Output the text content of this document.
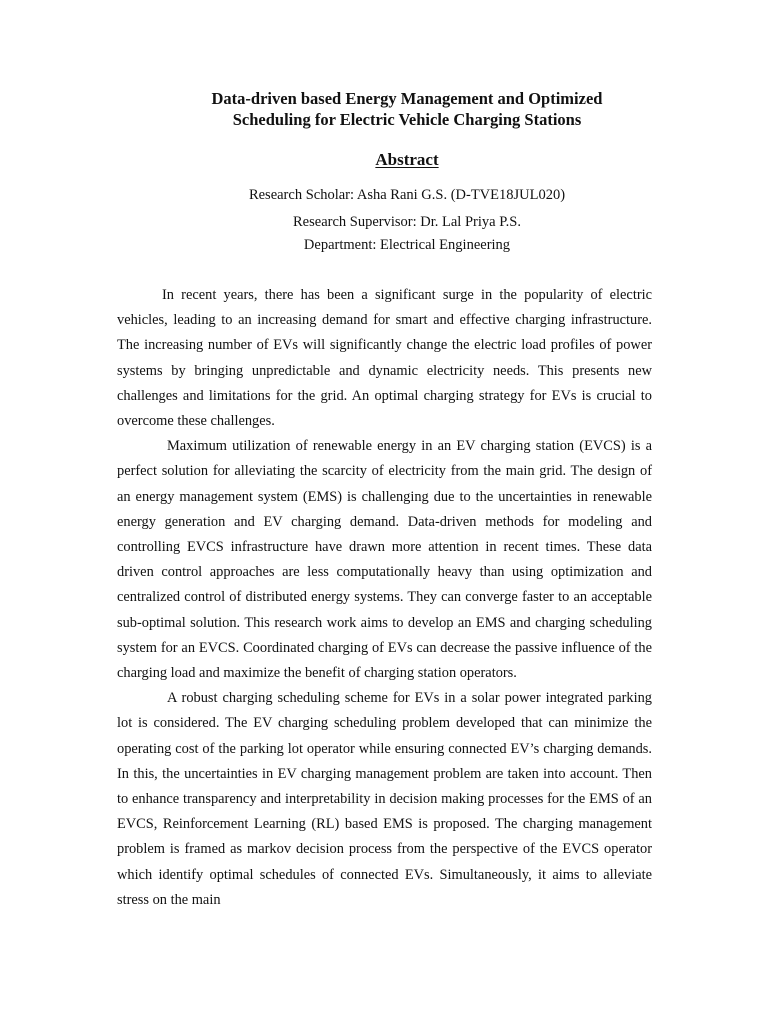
Data-driven based Energy Management and Optimized
Scheduling for Electric Vehicle Charging Stations
Abstract

Research Scholar: Asha Rani G.S. (D-TVE18JUL020)

Research Supervisor: Dr. Lal Priya P.S.

Department: Electrical Engineering

In recent years, there has been a significant surge in the popularity of electric vehicles, leading to an increasing demand for smart and effective charging infrastructure. The increasing number of EVs will significantly change the electric load profiles of power systems by bringing unpredictable and dynamic electricity needs. This presents new challenges and limitations for the grid. An optimal charging strategy for EVs is crucial to overcome these challenges.

Maximum utilization of renewable energy in an EV charging station (EVCS) is a perfect solution for alleviating the scarcity of electricity from the main grid. The design of an energy management system (EMS) is challenging due to the uncertainties in renewable energy generation and EV charging demand. Data-driven methods for modeling and controlling EVCS infrastructure have drawn more attention in recent times. These data driven control approaches are less computationally heavy than using optimization and centralized control of distributed energy systems. They can converge faster to an acceptable sub-optimal solution. This research work aims to develop an EMS and charging scheduling system for an EVCS. Coordinated charging of EVs can decrease the passive influence of the charging load and maximize the benefit of charging station operators.

A robust charging scheduling scheme for EVs in a solar power integrated parking lot is considered. The EV charging scheduling problem developed that can minimize the operating cost of the parking lot operator while ensuring connected EV’s charging demands. In this, the uncertainties in EV charging management problem are taken into account. Then to enhance transparency and interpretability in decision making processes for the EMS of an EVCS, Reinforcement Learning (RL) based EMS is proposed. The charging management problem is framed as markov decision process from the perspective of the EVCS operator which identify optimal schedules of connected EVs. Simultaneously, it aims to alleviate stress on the main
